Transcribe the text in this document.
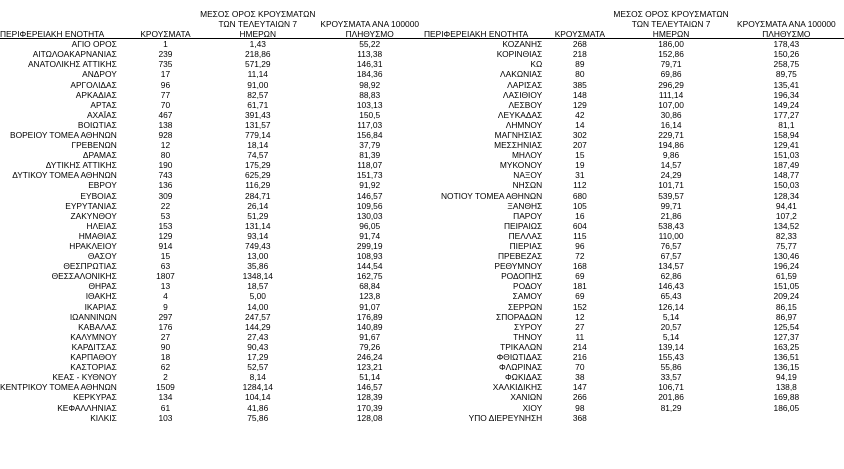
		ΜΕΣΟΣ ΟΡΟΣ ΚΡΟΥΣΜΑΤΩΝ	
		ΤΩΝ ΤΕΛΕΥΤΑΙΩΝ 7	ΚΡΟΥΣΜΑΤΑ ΑΝΑ 100000
ΠΕΡΙΦΕΡΕΙΑΚΗ ΕΝΟΤΗΤΑ	ΚΡΟΥΣΜΑΤΑ	ΗΜΕΡΩΝ	ΠΛΗΘΥΣΜΟ
ΑΓΙΟ ΟΡΟΣ	1	1,43	55,22
ΑΙΤΩΛΟΑΚΑΡΝΑΝΙΑΣ	239	218,86	113,38
ΑΝΑΤΟΛΙΚΗΣ ΑΤΤΙΚΗΣ	735	571,29	146,31
ΑΝΔΡΟΥ	17	11,14	184,36
ΑΡΓΟΛΙΔΑΣ	96	91,00	98,92
ΑΡΚΑΔΙΑΣ	77	82,57	88,83
ΑΡΤΑΣ	70	61,71	103,13
ΑΧΑΪΑΣ	467	391,43	150,5
ΒΟΙΩΤΙΑΣ	138	131,57	117,03
ΒΟΡΕΙΟΥ ΤΟΜΕΑ ΑΘΗΝΩΝ	928	779,14	156,84
ΓΡΕΒΕΝΩΝ	12	18,14	37,79
ΔΡΑΜΑΣ	80	74,57	81,39
ΔΥΤΙΚΗΣ ΑΤΤΙΚΗΣ	190	175,29	118,07
ΔΥΤΙΚΟΥ ΤΟΜΕΑ ΑΘΗΝΩΝ	743	625,29	151,73
ΕΒΡΟΥ	136	116,29	91,92
ΕΥΒΟΙΑΣ	309	284,71	146,57
ΕΥΡΥΤΑΝΙΑΣ	22	26,14	109,56
ΖΑΚΥΝΘΟΥ	53	51,29	130,03
ΗΛΕΙΑΣ	153	131,14	96,05
ΗΜΑΘΙΑΣ	129	93,14	91,74
ΗΡΑΚΛΕΙΟΥ	914	749,43	299,19
ΘΑΣΟΥ	15	13,00	108,93
ΘΕΣΠΡΩΤΙΑΣ	63	35,86	144,54
ΘΕΣΣΑΛΟΝΙΚΗΣ	1807	1348,14	162,75
ΘΗΡΑΣ	13	18,57	68,84
ΙΘΑΚΗΣ	4	5,00	123,8
ΙΚΑΡΙΑΣ	9	14,00	91,07
ΙΩΑΝΝΙΝΩΝ	297	247,57	176,89
ΚΑΒΑΛΑΣ	176	144,29	140,89
ΚΑΛΥΜΝΟΥ	27	27,43	91,67
ΚΑΡΔΙΤΣΑΣ	90	90,43	79,26
ΚΑΡΠΑΘΟΥ	18	17,29	246,24
ΚΑΣΤΟΡΙΑΣ	62	52,57	123,21
ΚΕΑΣ - ΚΥΘΝΟΥ	2	8,14	51,14
ΚΕΝΤΡΙΚΟΥ ΤΟΜΕΑ ΑΘΗΝΩΝ	1509	1284,14	146,57
ΚΕΡΚΥΡΑΣ	134	104,14	128,39
ΚΕΦΑΛΛΗΝΙΑΣ	61	41,86	170,39
ΚΙΛΚΙΣ	103	75,86	128,08
		ΜΕΣΟΣ ΟΡΟΣ ΚΡΟΥΣΜΑΤΩΝ	
		ΤΩΝ ΤΕΛΕΥΤΑΙΩΝ 7	ΚΡΟΥΣΜΑΤΑ ΑΝΑ 100000
ΠΕΡΙΦΕΡΕΙΑΚΗ ΕΝΟΤΗΤΑ	ΚΡΟΥΣΜΑΤΑ	ΗΜΕΡΩΝ	ΠΛΗΘΥΣΜΟ
ΚΟΖΑΝΗΣ	268	186,00	178,43
ΚΟΡΙΝΘΙΑΣ	218	152,86	150,26
ΚΩ	89	79,71	258,75
ΛΑΚΩΝΙΑΣ	80	69,86	89,75
ΛΑΡΙΣΑΣ	385	296,29	135,41
ΛΑΣΙΘΙΟΥ	148	111,14	196,34
ΛΕΣΒΟΥ	129	107,00	149,24
ΛΕΥΚΑΔΑΣ	42	30,86	177,27
ΛΗΜΝΟΥ	14	16,14	81,1
ΜΑΓΝΗΣΙΑΣ	302	229,71	158,94
ΜΕΣΣΗΝΙΑΣ	207	194,86	129,41
ΜΗΛΟΥ	15	9,86	151,03
ΜΥΚΟΝΟΥ	19	14,57	187,49
ΝΑΞΟΥ	31	24,29	148,77
ΝΗΣΩΝ	112	101,71	150,03
ΝΟΤΙΟΥ ΤΟΜΕΑ ΑΘΗΝΩΝ	680	539,57	128,34
ΞΑΝΘΗΣ	105	99,71	94,41
ΠΑΡΟΥ	16	21,86	107,2
ΠΕΙΡΑΙΩΣ	604	538,43	134,52
ΠΕΛΛΑΣ	115	110,00	82,33
ΠΙΕΡΙΑΣ	96	76,57	75,77
ΠΡΕΒΕΖΑΣ	72	67,57	130,46
ΡΕΘΥΜΝΟΥ	168	134,57	196,24
ΡΟΔΟΠΗΣ	69	62,86	61,59
ΡΟΔΟΥ	181	146,43	151,05
ΣΑΜΟΥ	69	65,43	209,24
ΣΕΡΡΩΝ	152	126,14	86,15
ΣΠΟΡΑΔΩΝ	12	5,14	86,97
ΣΥΡΟΥ	27	20,57	125,54
ΤΗΝΟΥ	11	5,14	127,37
ΤΡΙΚΑΛΩΝ	214	139,14	163,25
ΦΘΙΩΤΙΔΑΣ	216	155,43	136,51
ΦΛΩΡΙΝΑΣ	70	55,86	136,15
ΦΩΚΙΔΑΣ	38	33,57	94,19
ΧΑΛΚΙΔΙΚΗΣ	147	106,71	138,8
ΧΑΝΙΩΝ	266	201,86	169,88
ΧΙΟΥ	98	81,29	186,05
ΥΠΟ ΔΙΕΡΕΥΝΗΣΗ	368		
